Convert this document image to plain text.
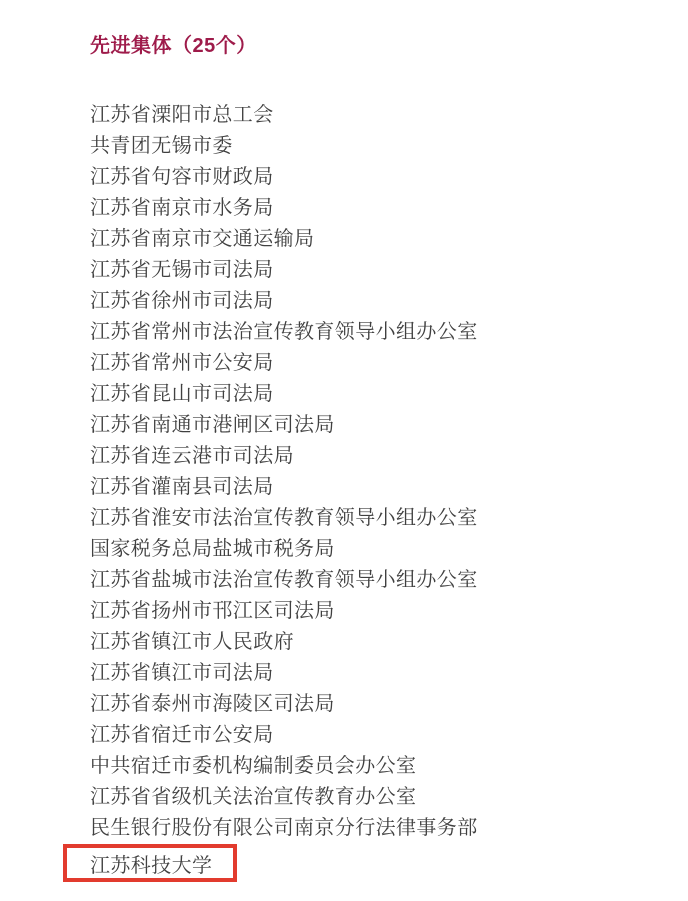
先进集体（25个）
江苏省溧阳市总工会
共青团无锡市委
江苏省句容市财政局
江苏省南京市水务局
江苏省南京市交通运输局
江苏省无锡市司法局
江苏省徐州市司法局
江苏省常州市法治宣传教育领导小组办公室
江苏省常州市公安局
江苏省昆山市司法局
江苏省南通市港闸区司法局
江苏省连云港市司法局
江苏省灌南县司法局
江苏省淮安市法治宣传教育领导小组办公室
国家税务总局盐城市税务局
江苏省盐城市法治宣传教育领导小组办公室
江苏省扬州市邗江区司法局
江苏省镇江市人民政府
江苏省镇江市司法局
江苏省泰州市海陵区司法局
江苏省宿迁市公安局
中共宿迁市委机构编制委员会办公室
江苏省省级机关法治宣传教育办公室
民生银行股份有限公司南京分行法律事务部
江苏科技大学
